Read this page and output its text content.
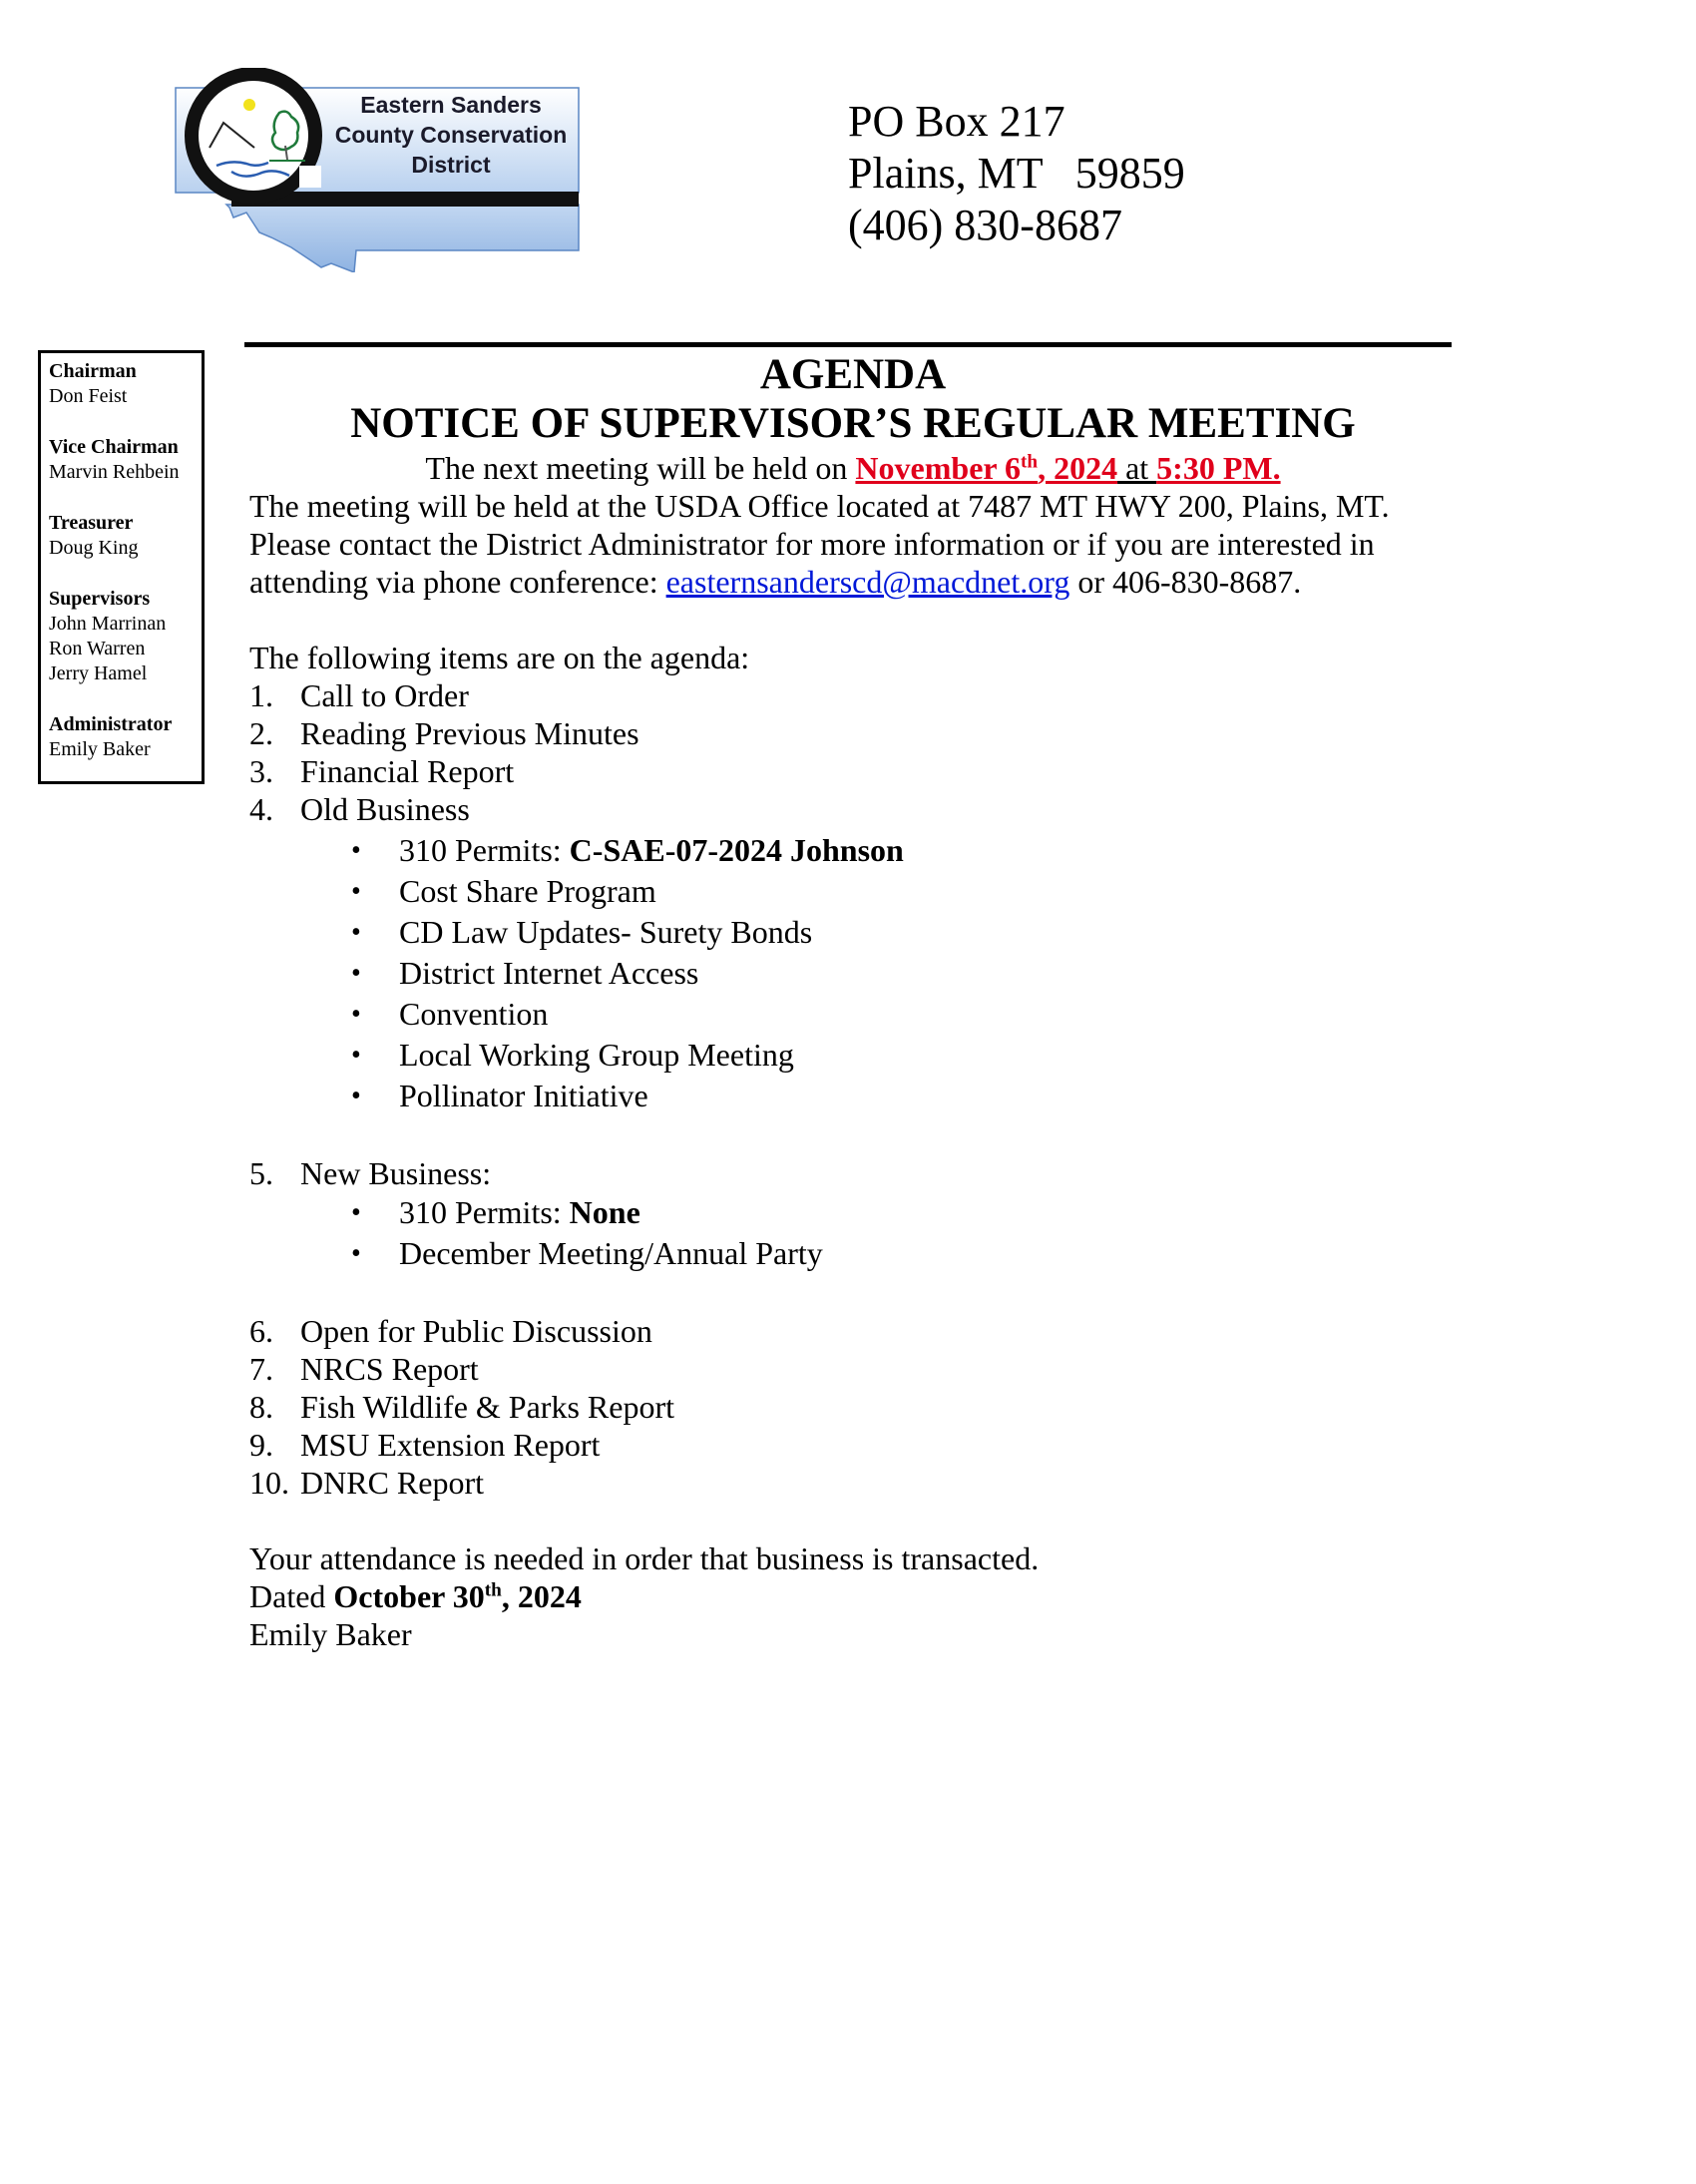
Eastern Sanders
County Conservation
District
PO Box 217
Plains, MT   59859
(406) 830-8687
Chairman
Don Feist
Vice Chairman
Marvin Rehbein
Treasurer
Doug King
Supervisors
John Marrinan
Ron Warren
Jerry Hamel
Administrator
Emily Baker
AGENDA
NOTICE OF SUPERVISOR’S REGULAR MEETING
The next meeting will be held on November 6th, 2024 at 5:30 PM.
The meeting will be held at the USDA Office located at 7487 MT HWY 200, Plains, MT.
Please contact the District Administrator for more information or if you are interested in
attending via phone conference: easternsanderscd@macdnet.org or 406-830-8687.
The following items are on the agenda:
1. Call to Order
2. Reading Previous Minutes
3. Financial Report
4. Old Business
•	310 Permits: C-SAE-07-2024 Johnson
•	Cost Share Program
•	CD Law Updates- Surety Bonds
•	District Internet Access
•	Convention
•	Local Working Group Meeting
•	Pollinator Initiative
5. New Business:
•	310 Permits: None
•	December Meeting/Annual Party
6. Open for Public Discussion
7. NRCS Report
8. Fish Wildlife & Parks Report
9. MSU Extension Report
10. DNRC Report
Your attendance is needed in order that business is transacted.
Dated October 30th, 2024
Emily Baker
